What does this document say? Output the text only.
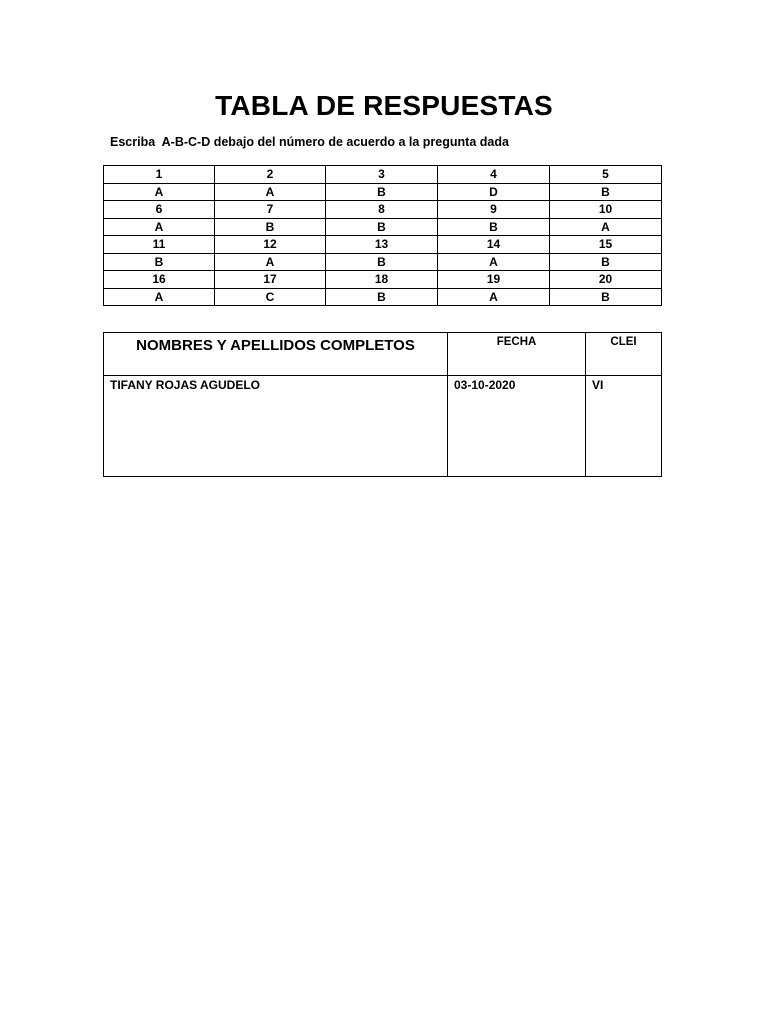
TABLA DE RESPUESTAS
Escriba  A-B-C-D debajo del número de acuerdo a la pregunta dada
1	2	3	4	5
A	A	B	D	B
6	7	8	9	10
A	B	B	B	A
11	12	13	14	15
B	A	B	A	B
16	17	18	19	20
A	C	B	A	B
NOMBRES Y APELLIDOS COMPLETOS	FECHA	CLEI
TIFANY ROJAS AGUDELO	03-10-2020	VI
